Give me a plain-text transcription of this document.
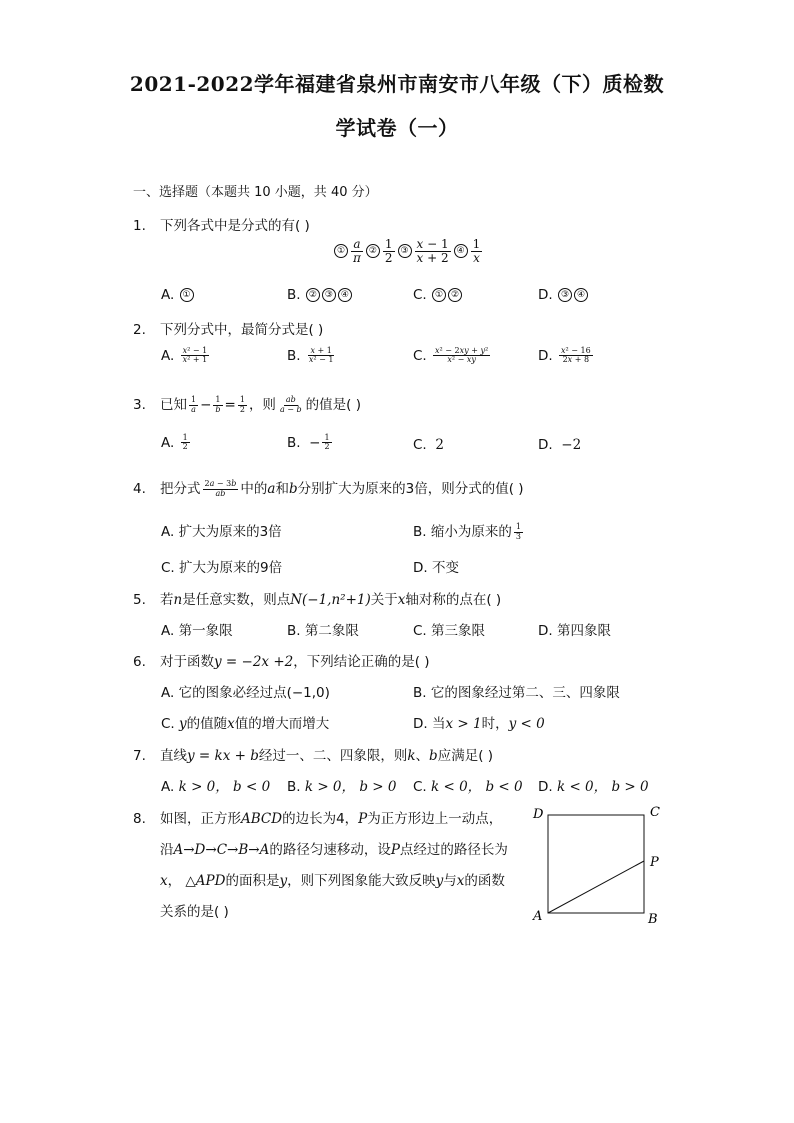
2021-2022学年福建省泉州市南安市八年级（下）质检数
学试卷（一）
一、选择题（本题共 10 小题，共 40 分）
1. 下列各式中是分式的有( )
① $\frac{a}{\pi}$ ② $\frac{1}{2}$ ③ $\frac{x - 1}{x + 2}$ ④ $\frac{1}{x}$
A. ①	B. ② ③ ④	C. ① ②	D. ③ ④
2. 下列分式中，最简分式是( )
A. $\frac{\text{x² − 1}}{\text{x² + 1}}$	B. $\frac{x + 1}{\text{x² − 1}}$	C. $\frac{\text{x² − 2xy + y²}}{\text{x² − xy}}$	D. $\frac{\text{x² − 16}}{2x + 8}$
3. 已知 $\frac{1}{a} - \frac{1}{b} = \frac{1}{2}$ ，则 $\frac{ab}{a - b}$ 的值是( )
A. $\frac{1}{2}$	B.  − $\frac{1}{2}$	C.  2	D.  −2
4. 把分式 $\frac{2a - 3b}{ab}$ 中的a和b分别扩大为原来的3倍，则分式的值( )
A. 扩大为原来的3倍	B. 缩小为原来的 $\frac{1}{3}$
C. 扩大为原来的9倍	D. 不变
5. 若n是任意实数，则点N(−1,n²+1)关于x轴对称的点在( )
A. 第一象限	B. 第二象限	C. 第三象限	D. 第四象限
6. 对于函数y = −2x +2，下列结论正确的是( )
A. 它的图象必经过点(−1,0)	B. 它的图象经过第二、三、四象限
C. y的值随x值的增大而增大	D. 当x > 1时，y < 0
7. 直线y = kx + b经过一、二、四象限，则k、b应满足( )
A. k > 0， b < 0 B. k > 0， b > 0 C. k < 0， b < 0 D. k < 0， b > 0
8. 如图，正方形ABCD的边长为4，P为正方形边上一动点，
沿A→D→C→B→A的路径匀速移动，设P点经过的路径长为
x， △APD的面积是y，则下列图象能大致反映y与x的函数
关系的是( )
D	C
P
A	B
